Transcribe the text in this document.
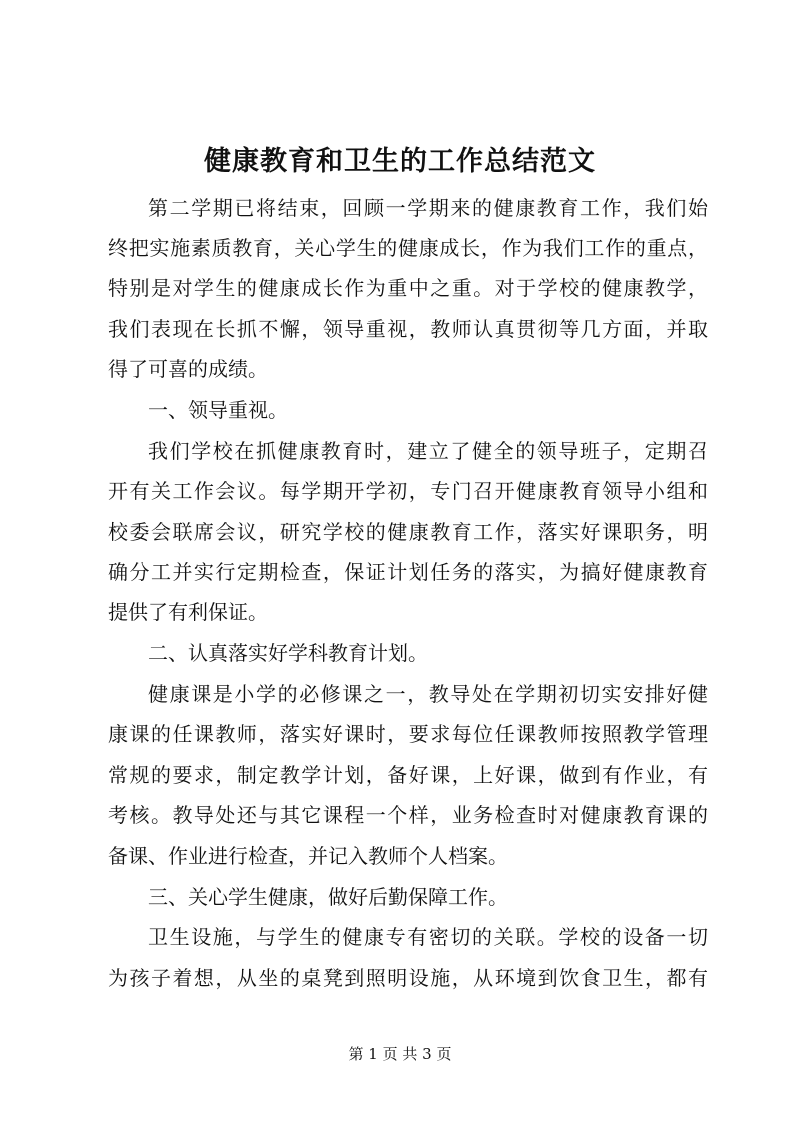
健康教育和卫生的工作总结范文

第二学期已将结束，回顾一学期来的健康教育工作，我们始

终把实施素质教育，关心学生的健康成长，作为我们工作的重点，

特别是对学生的健康成长作为重中之重。对于学校的健康教学，

我们表现在长抓不懈，领导重视，教师认真贯彻等几方面，并取

得了可喜的成绩。

一、领导重视。

我们学校在抓健康教育时，建立了健全的领导班子，定期召

开有关工作会议。每学期开学初，专门召开健康教育领导小组和

校委会联席会议，研究学校的健康教育工作，落实好课职务，明

确分工并实行定期检查，保证计划任务的落实，为搞好健康教育

提供了有利保证。

二、认真落实好学科教育计划。

健康课是小学的必修课之一，教导处在学期初切实安排好健

康课的任课教师，落实好课时，要求每位任课教师按照教学管理

常规的要求，制定教学计划，备好课，上好课，做到有作业，有

考核。教导处还与其它课程一个样，业务检查时对健康教育课的

备课、作业进行检查，并记入教师个人档案。

三、关心学生健康，做好后勤保障工作。

卫生设施，与学生的健康专有密切的关联。学校的设备一切

为孩子着想，从坐的桌凳到照明设施，从环境到饮食卫生，都有

第 1 页 共 3 页
